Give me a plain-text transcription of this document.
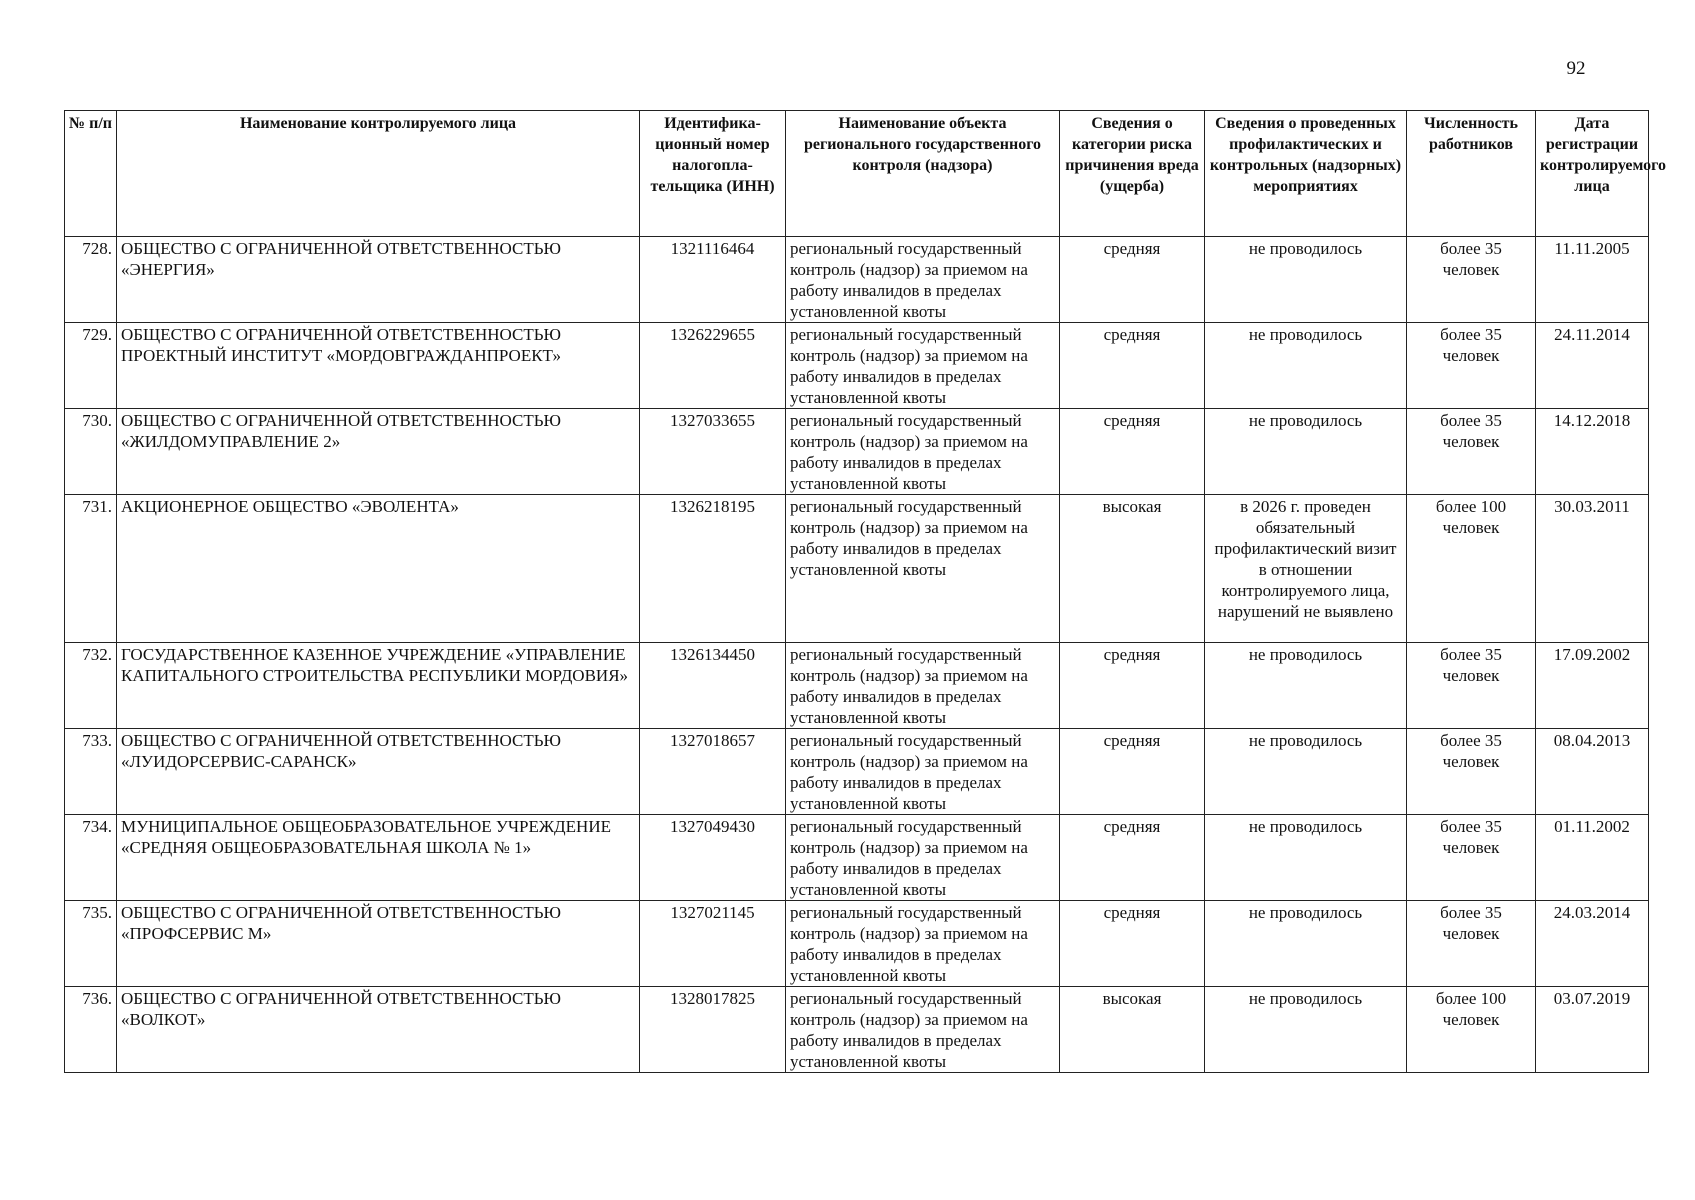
92
№ п/п	Наименование контролируемого лица	Идентифика-ционный номер налогопла-тельщика (ИНН)	Наименование объекта регионального государственного контроля (надзора)	Сведения о категории риска причинения вреда (ущерба)	Сведения о проведенных профилактических и контрольных (надзорных) мероприятиях	Численность работников	Дата регистрации контролируемого лица
728.	ОБЩЕСТВО С ОГРАНИЧЕННОЙ ОТВЕТСТВЕННОСТЬЮ «ЭНЕРГИЯ»	1321116464	региональный государственный контроль (надзор) за приемом на работу инвалидов в пределах установленной квоты	средняя	не проводилось	более 35 человек	11.11.2005
729.	ОБЩЕСТВО С ОГРАНИЧЕННОЙ ОТВЕТСТВЕННОСТЬЮ ПРОЕКТНЫЙ ИНСТИТУТ «МОРДОВГРАЖДАНПРОЕКТ»	1326229655	региональный государственный контроль (надзор) за приемом на работу инвалидов в пределах установленной квоты	средняя	не проводилось	более 35 человек	24.11.2014
730.	ОБЩЕСТВО С ОГРАНИЧЕННОЙ ОТВЕТСТВЕННОСТЬЮ «ЖИЛДОМУПРАВЛЕНИЕ 2»	1327033655	региональный государственный контроль (надзор) за приемом на работу инвалидов в пределах установленной квоты	средняя	не проводилось	более 35 человек	14.12.2018
731.	АКЦИОНЕРНОЕ ОБЩЕСТВО «ЭВОЛЕНТА»	1326218195	региональный государственный контроль (надзор) за приемом на работу инвалидов в пределах установленной квоты	высокая	в 2026 г. проведен обязательный профилактический визит в отношении контролируемого лица, нарушений не выявлено	более 100 человек	30.03.2011
732.	ГОСУДАРСТВЕННОЕ КАЗЕННОЕ УЧРЕЖДЕНИЕ «УПРАВЛЕНИЕ КАПИТАЛЬНОГО СТРОИТЕЛЬСТВА РЕСПУБЛИКИ МОРДОВИЯ»	1326134450	региональный государственный контроль (надзор) за приемом на работу инвалидов в пределах установленной квоты	средняя	не проводилось	более 35 человек	17.09.2002
733.	ОБЩЕСТВО С ОГРАНИЧЕННОЙ ОТВЕТСТВЕННОСТЬЮ «ЛУИДОРСЕРВИС-САРАНСК»	1327018657	региональный государственный контроль (надзор) за приемом на работу инвалидов в пределах установленной квоты	средняя	не проводилось	более 35 человек	08.04.2013
734.	МУНИЦИПАЛЬНОЕ ОБЩЕОБРАЗОВАТЕЛЬНОЕ УЧРЕЖДЕНИЕ «СРЕДНЯЯ ОБЩЕОБРАЗОВАТЕЛЬНАЯ ШКОЛА № 1»	1327049430	региональный государственный контроль (надзор) за приемом на работу инвалидов в пределах установленной квоты	средняя	не проводилось	более 35 человек	01.11.2002
735.	ОБЩЕСТВО С ОГРАНИЧЕННОЙ ОТВЕТСТВЕННОСТЬЮ «ПРОФСЕРВИС М»	1327021145	региональный государственный контроль (надзор) за приемом на работу инвалидов в пределах установленной квоты	средняя	не проводилось	более 35 человек	24.03.2014
736.	ОБЩЕСТВО С ОГРАНИЧЕННОЙ ОТВЕТСТВЕННОСТЬЮ «ВОЛКОТ»	1328017825	региональный государственный контроль (надзор) за приемом на работу инвалидов в пределах установленной квоты	высокая	не проводилось	более 100 человек	03.07.2019
